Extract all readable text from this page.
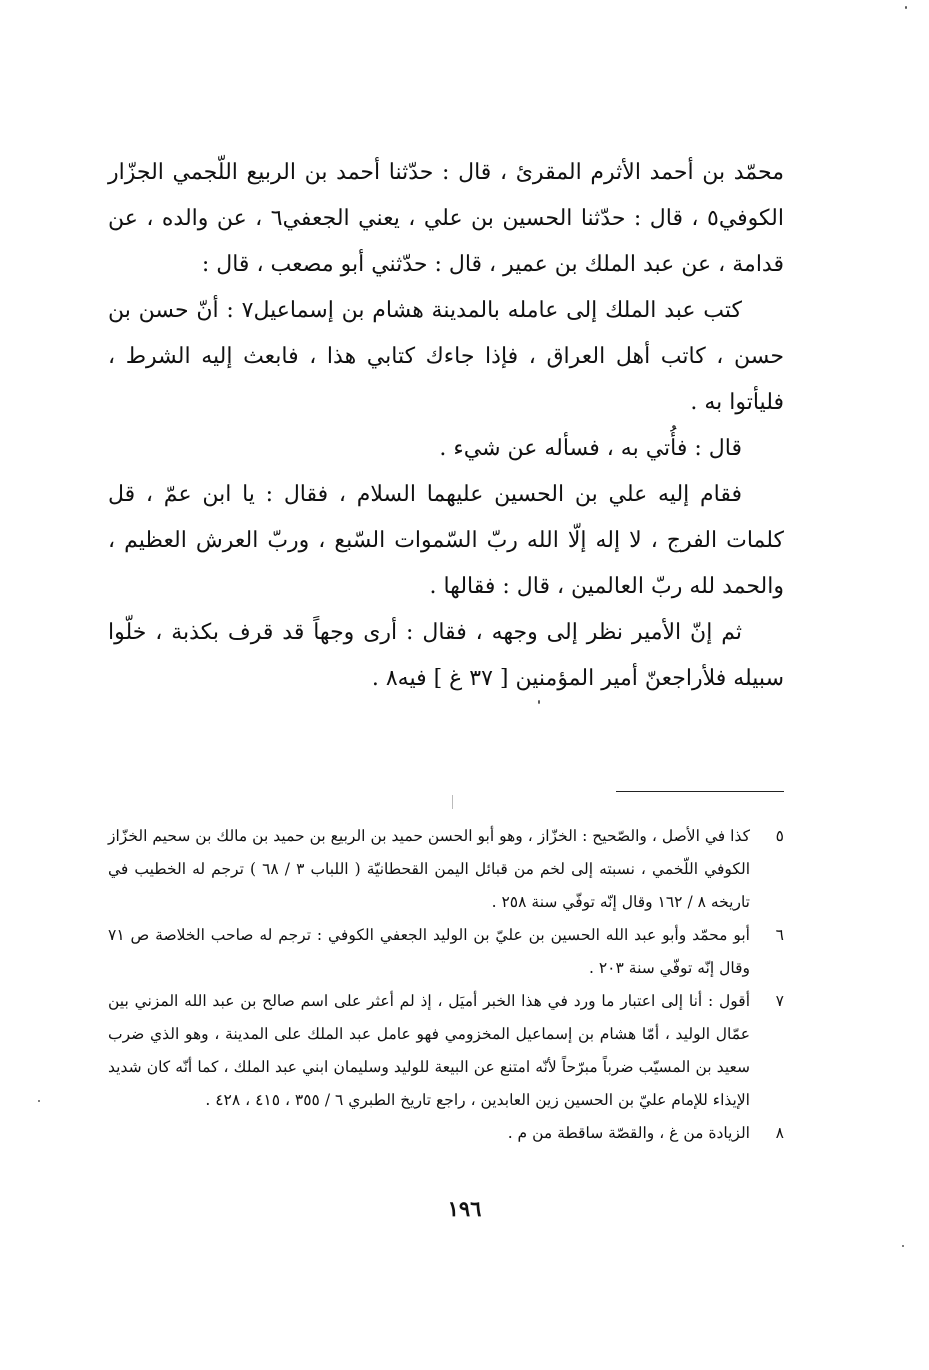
محمّد بن أحمد الأثرم المقرئ ، قال : حدّثنا أحمد بن الربيع اللّجمي الجزّار الكوفي٥ ، قال : حدّثنا الحسين بن علي ، يعني الجعفي٦ ، عن والده ، عن قدامة ، عن عبد الملك بن عمير ، قال : حدّثني أبو مصعب ، قال :

كتب عبد الملك إلى عامله بالمدينة هشام بن إسماعيل٧ : أنّ حسن بن حسن ، كاتب أهل العراق ، فإذا جاءك كتابي هذا ، فابعث إليه الشرط ، فليأتوا به .

قال : فأُتي به ، فسأله عن شيء .

فقام إليه علي بن الحسين عليهما السلام ، فقال : يا ابن عمّ ، قل كلمات الفرج ، لا إله إلّا الله ربّ السّموات السّبع ، وربّ العرش العظيم ، والحمد لله ربّ العالمين ، قال : فقالها .

ثم إنّ الأمير نظر إلى وجهه ، فقال : أرى وجهاً قد قرف بكذبة ، خلّوا سبيله فلأراجعنّ أمير المؤمنين [ ٣٧ غ ] فيه٨ .

٥
كذا في الأصل ، والصّحيح : الخزّاز ، وهو أبو الحسن حميد بن الربيع بن حميد بن مالك بن سحيم الخزّاز الكوفي اللّخمي ، نسبته إلى لخم من قبائل اليمن القحطانيّة ( اللباب ٣ / ٦٨ ) ترجم له الخطيب في تاريخه ٨ / ١٦٢ وقال إنّه توفّي سنة ٢٥٨ .
٦
أبو محمّد وأبو عبد الله الحسين بن عليّ بن الوليد الجعفي الكوفي : ترجم له صاحب الخلاصة ص ٧١ وقال إنّه توفّي سنة ٢٠٣ .
٧
أقول : أنا إلى اعتبار ما ورد في هذا الخبر أميَل ، إذ لم أعثر على اسم صالح بن عبد الله المزني بين عمّال الوليد ، أمّا هشام بن إسماعيل المخزومي فهو عامل عبد الملك على المدينة ، وهو الذي ضرب سعيد بن المسيّب ضرباً مبرّحاً لأنّه امتنع عن البيعة للوليد وسليمان ابني عبد الملك ، كما أنّه كان شديد الإيذاء للإمام عليّ بن الحسين زين العابدين ، راجع تاريخ الطبري ٦ / ٣٥٥ ، ٤١٥ ، ٤٢٨ .
٨
الزيادة من غ ، والقصّة ساقطة من م .
١٩٦
